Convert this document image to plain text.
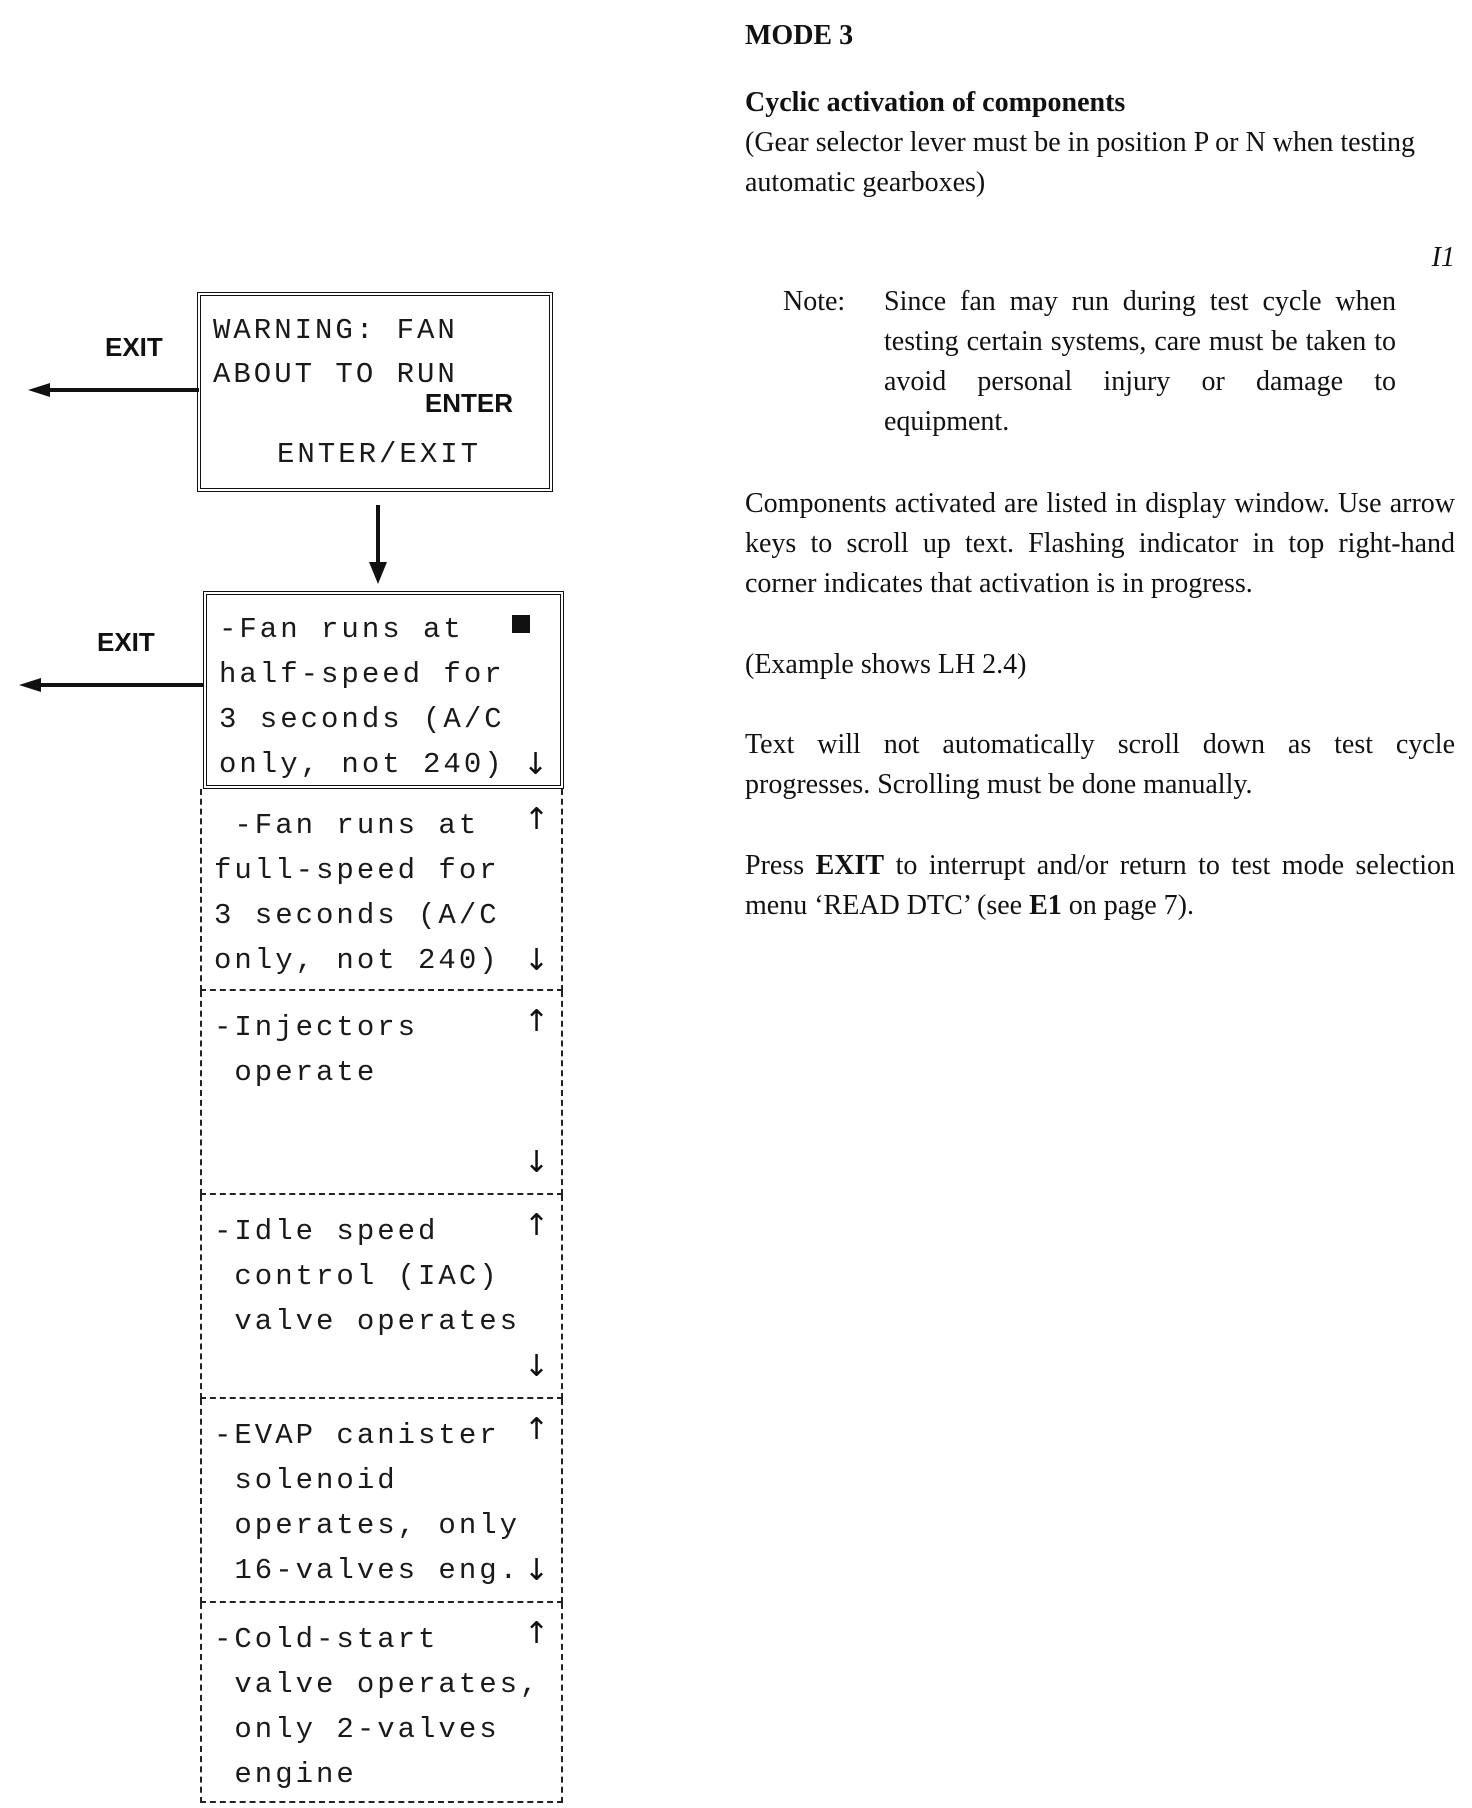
WARNING: FAN
ABOUT TO RUN
ENTER/EXIT
ENTER
EXIT
-Fan runs at
half-speed for
3 seconds (A/C
only, not 240) ↓
EXIT
-Fan runs at
full-speed for
3 seconds (A/C
only, not 240)
↑
↓
-Injectors
operate
↑
↓
-Idle speed
control (IAC)
valve operates
↑
↓
-EVAP canister
solenoid
operates, only
16-valves eng.
↑
↓
-Cold-start
valve operates,
only 2-valves
engine
↑
MODE 3
Cyclic activation of components
(Gear selector lever must be in position P or N when testing automatic gearboxes)
I1
Note: Since fan may run during test cycle when testing certain systems, care must be taken to avoid personal injury or damage to equipment.
Components activated are listed in display window. Use arrow keys to scroll up text. Flashing indicator in top right-hand corner indicates that activation is in progress.
(Example shows LH 2.4)
Text will not automatically scroll down as test cycle progresses. Scrolling must be done manually.
Press EXIT to interrupt and/or return to test mode selection menu ‘READ DTC’ (see E1 on page 7).
